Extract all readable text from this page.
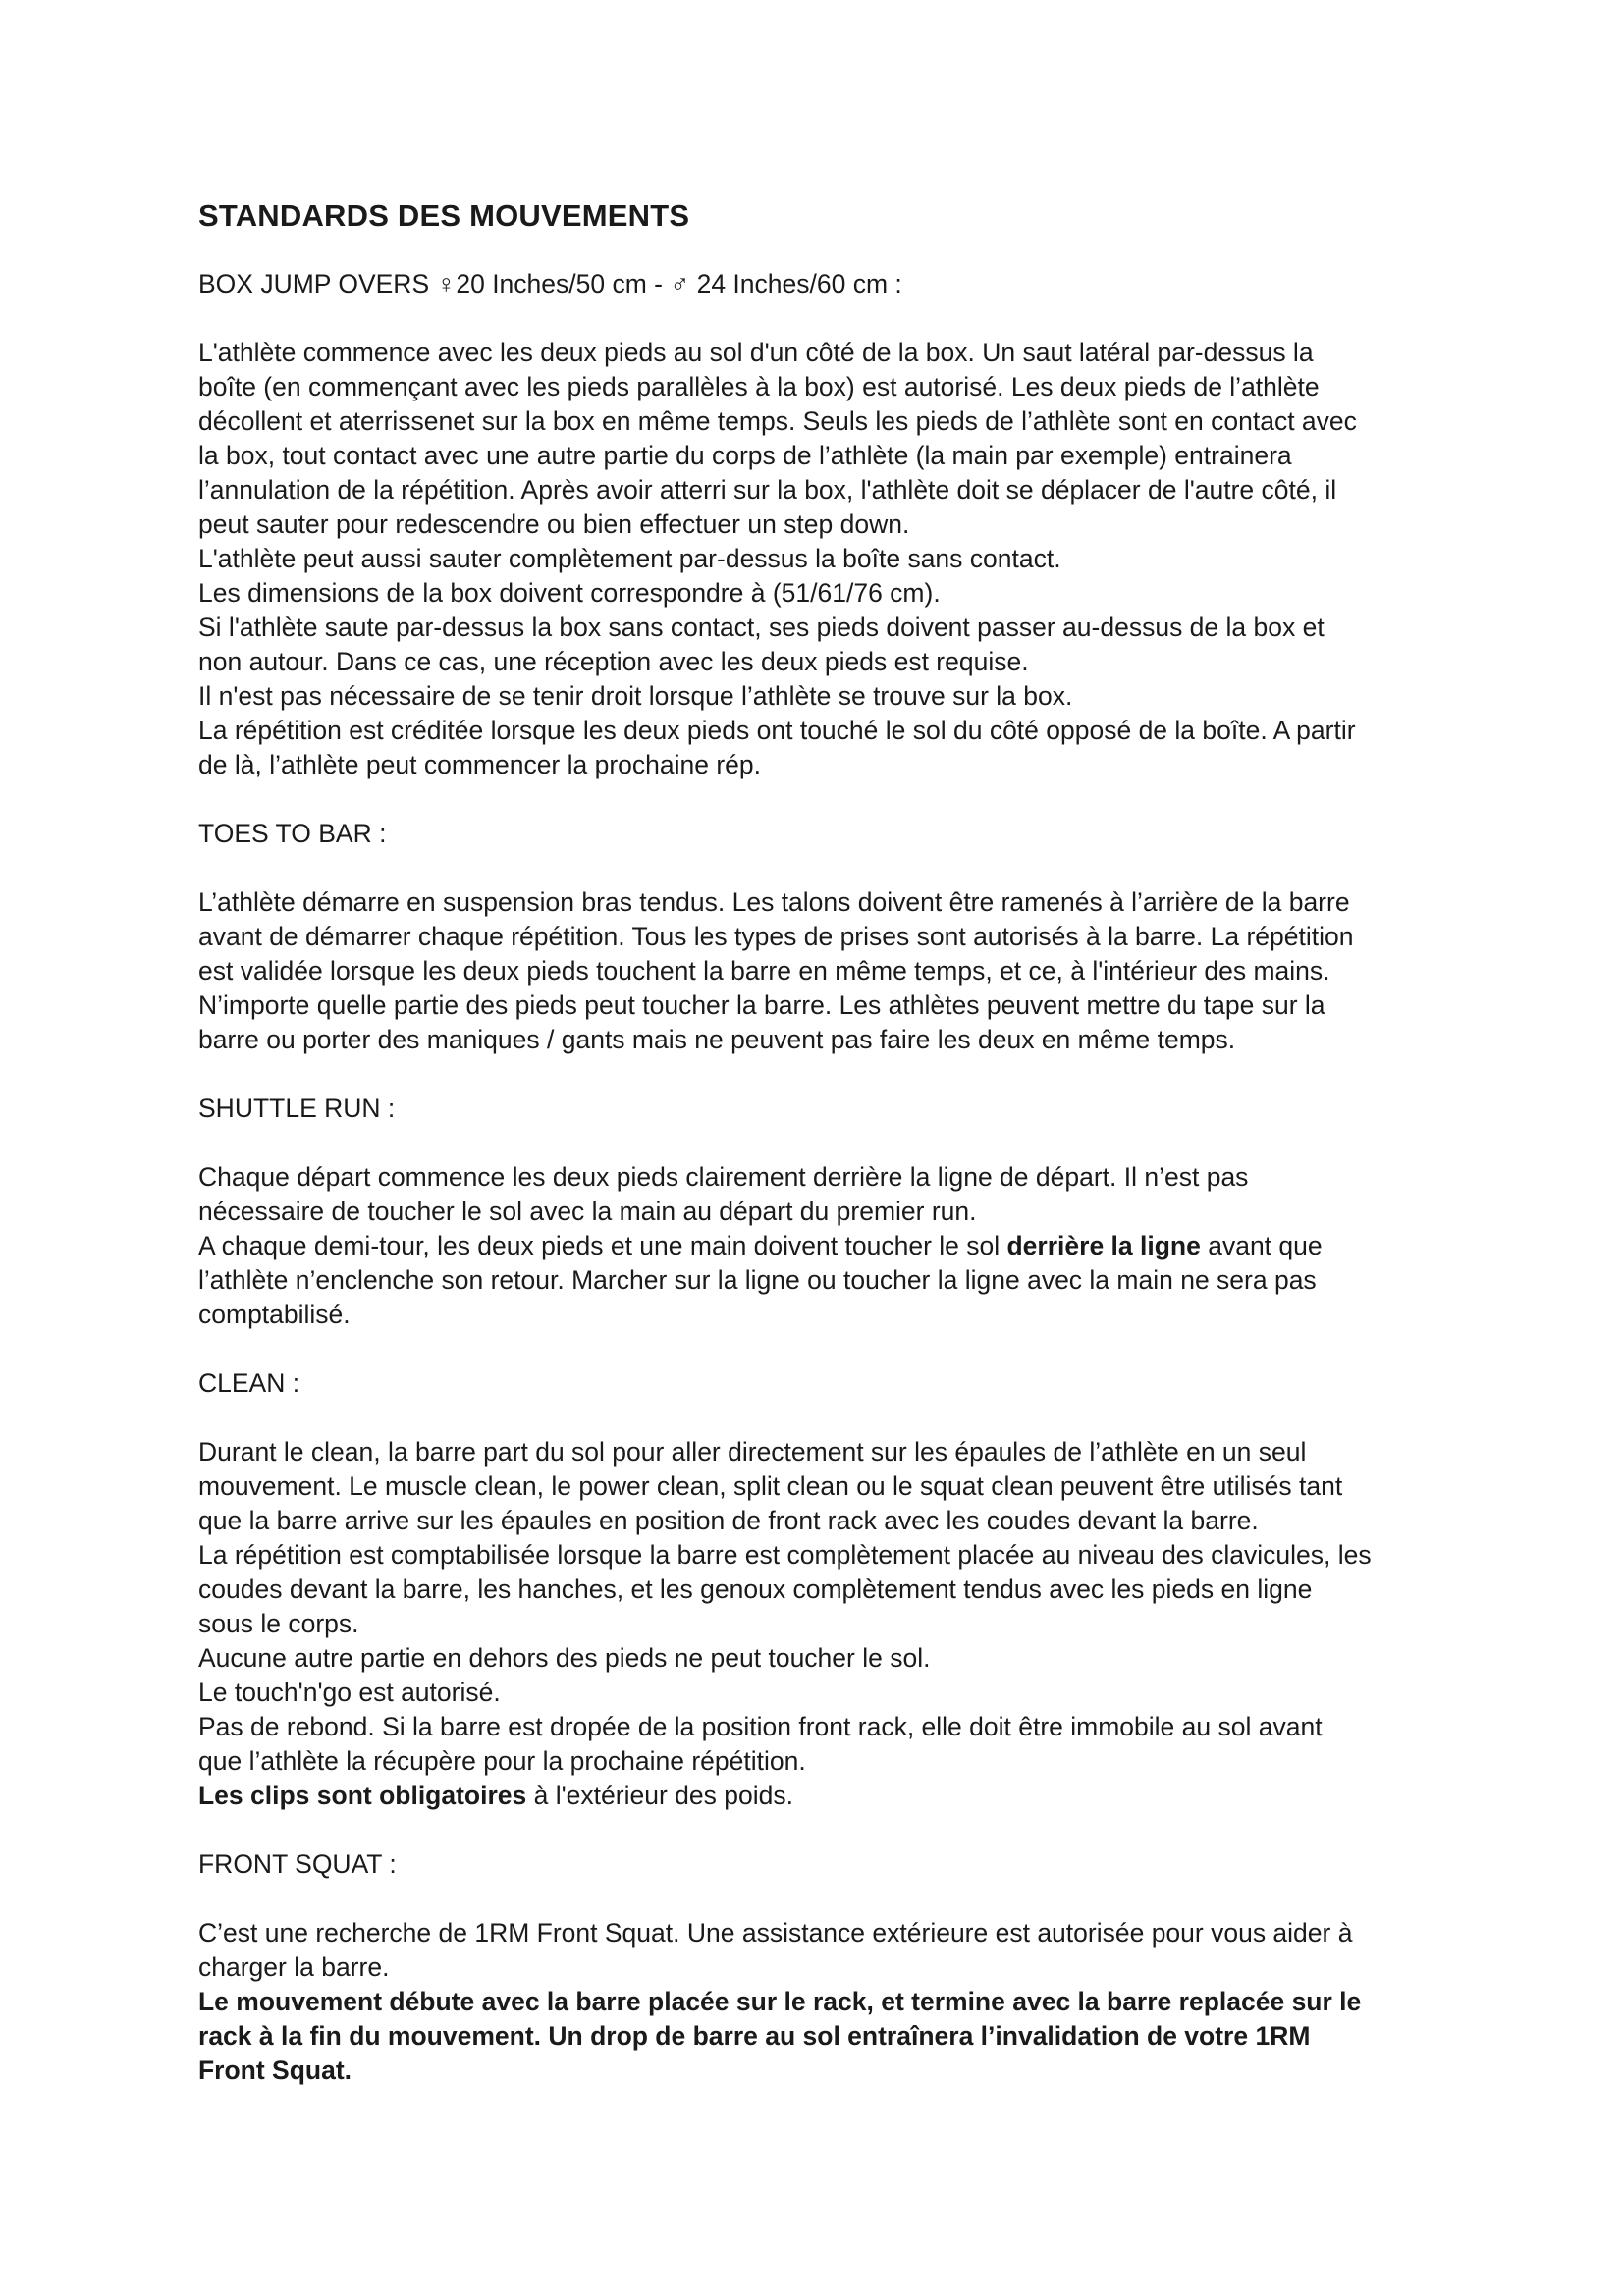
STANDARDS DES MOUVEMENTS
BOX JUMP OVERS ♀20 Inches/50 cm - ♂ 24 Inches/60 cm :
L'athlète commence avec les deux pieds au sol d'un côté de la box. Un saut latéral par-dessus la
boîte (en commençant avec les pieds parallèles à la box) est autorisé. Les deux pieds de l’athlète
décollent et aterrissenet sur la box en même temps. Seuls les pieds de l’athlète sont en contact avec
la box, tout contact avec une autre partie du corps de l’athlète (la main par exemple) entrainera
l’annulation de la répétition. Après avoir atterri sur la box, l'athlète doit se déplacer de l'autre côté, il
peut sauter pour redescendre ou bien effectuer un step down.
L'athlète peut aussi sauter complètement par-dessus la boîte sans contact.
Les dimensions de la box doivent correspondre à (51/61/76 cm).
Si l'athlète saute par-dessus la box sans contact, ses pieds doivent passer au-dessus de la box et
non autour. Dans ce cas, une réception avec les deux pieds est requise.
Il n'est pas nécessaire de se tenir droit lorsque l’athlète se trouve sur la box.
La répétition est créditée lorsque les deux pieds ont touché le sol du côté opposé de la boîte. A partir
de là, l’athlète peut commencer la prochaine rép.
TOES TO BAR :
L’athlète démarre en suspension bras tendus. Les talons doivent être ramenés à l’arrière de la barre
avant de démarrer chaque répétition. Tous les types de prises sont autorisés à la barre. La répétition
est validée lorsque les deux pieds touchent la barre en même temps, et ce, à l'intérieur des mains.
N’importe quelle partie des pieds peut toucher la barre. Les athlètes peuvent mettre du tape sur la
barre ou porter des maniques / gants mais ne peuvent pas faire les deux en même temps.
SHUTTLE RUN :
Chaque départ commence les deux pieds clairement derrière la ligne de départ. Il n’est pas
nécessaire de toucher le sol avec la main au départ du premier run.
A chaque demi-tour, les deux pieds et une main doivent toucher le sol derrière la ligne avant que
l’athlète n’enclenche son retour. Marcher sur la ligne ou toucher la ligne avec la main ne sera pas
comptabilisé.
CLEAN :
Durant le clean, la barre part du sol pour aller directement sur les épaules de l’athlète en un seul
mouvement. Le muscle clean, le power clean, split clean ou le squat clean peuvent être utilisés tant
que la barre arrive sur les épaules en position de front rack avec les coudes devant la barre.
La répétition est comptabilisée lorsque la barre est complètement placée au niveau des clavicules, les
coudes devant la barre, les hanches, et les genoux complètement tendus avec les pieds en ligne
sous le corps.
Aucune autre partie en dehors des pieds ne peut toucher le sol.
Le touch'n'go est autorisé.
Pas de rebond. Si la barre est dropée de la position front rack, elle doit être immobile au sol avant
que l’athlète la récupère pour la prochaine répétition.
Les clips sont obligatoires à l'extérieur des poids.
FRONT SQUAT :
C’est une recherche de 1RM Front Squat. Une assistance extérieure est autorisée pour vous aider à
charger la barre.
Le mouvement débute avec la barre placée sur le rack, et termine avec la barre replacée sur le
rack à la fin du mouvement. Un drop de barre au sol entraînera l’invalidation de votre 1RM
Front Squat.
